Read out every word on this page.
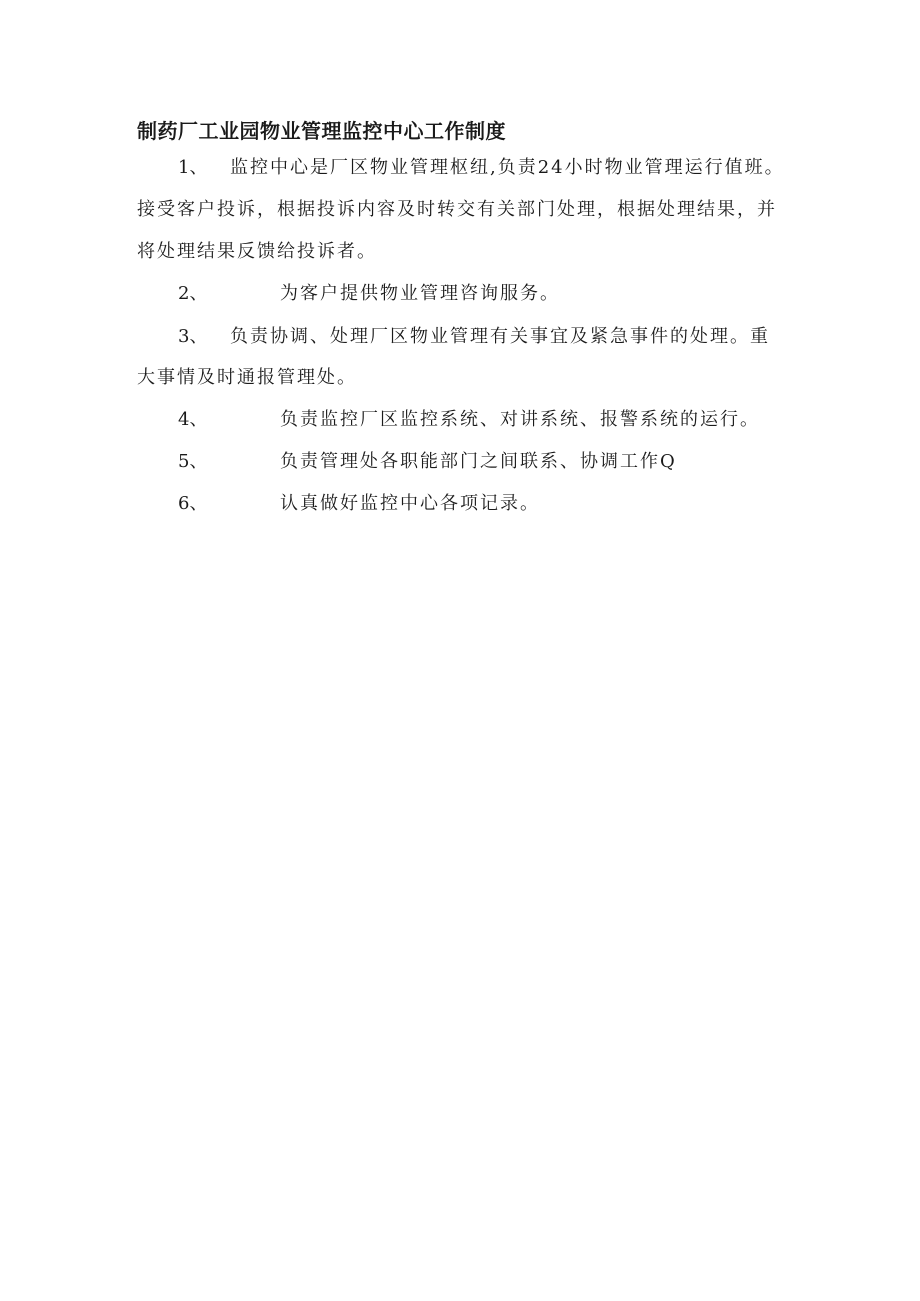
制药厂工业园物业管理监控中心工作制度
1、 监控中心是厂区物业管理枢纽,负责24小时物业管理运行值班。
接受客户投诉，根据投诉内容及时转交有关部门处理，根据处理结果，并
将处理结果反馈给投诉者。
2、	为客户提供物业管理咨询服务。
3、 负责协调、处理厂区物业管理有关事宜及紧急事件的处理。重
大事情及时通报管理处。
4、	负责监控厂区监控系统、对讲系统、报警系统的运行。
5、	负责管理处各职能部门之间联系、协调工作Q
6、	认真做好监控中心各项记录。
